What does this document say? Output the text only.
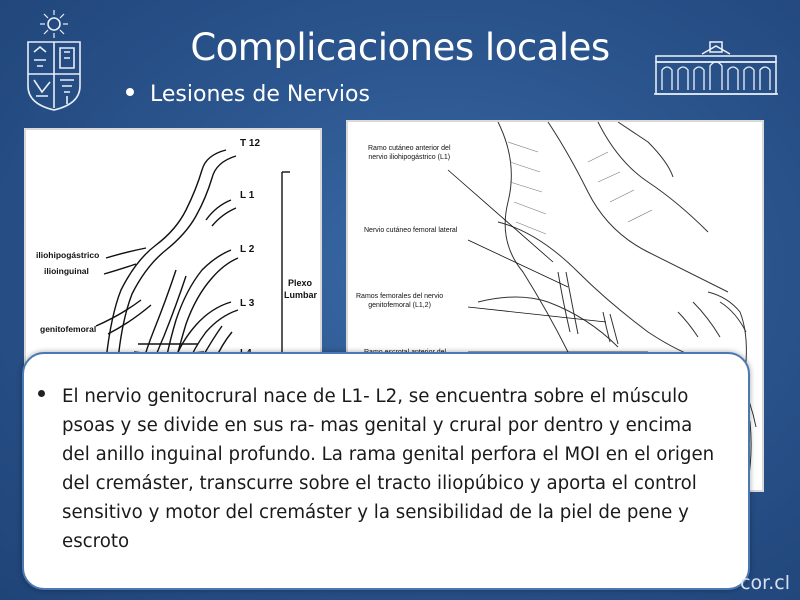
Complicaciones locales
Lesiones de Nervios
T 12
L 1
L 2
L 3
Plexo
Lumbar
iliohipogástrico
ilioinguinal
genitofemoral
Ramo cutáneo anterior del
nervio iliohipogástrico (L1)
Nervio cutáneo femoral lateral
Ramos femorales del nervio
genitofemoral (L1,2)

El nervio genitocrural nace de L1- L2, se encuentra sobre el músculo psoas y se divide en sus ra- mas genital y crural por dentro y encima del anillo inguinal profundo. La rama genital perfora el MOI en el origen del cremáster, transcurre sobre el tracto iliopúbico y aporta el control sensitivo y motor del cremáster y la sensibilidad de la piel de pene y escroto

cor.cl
